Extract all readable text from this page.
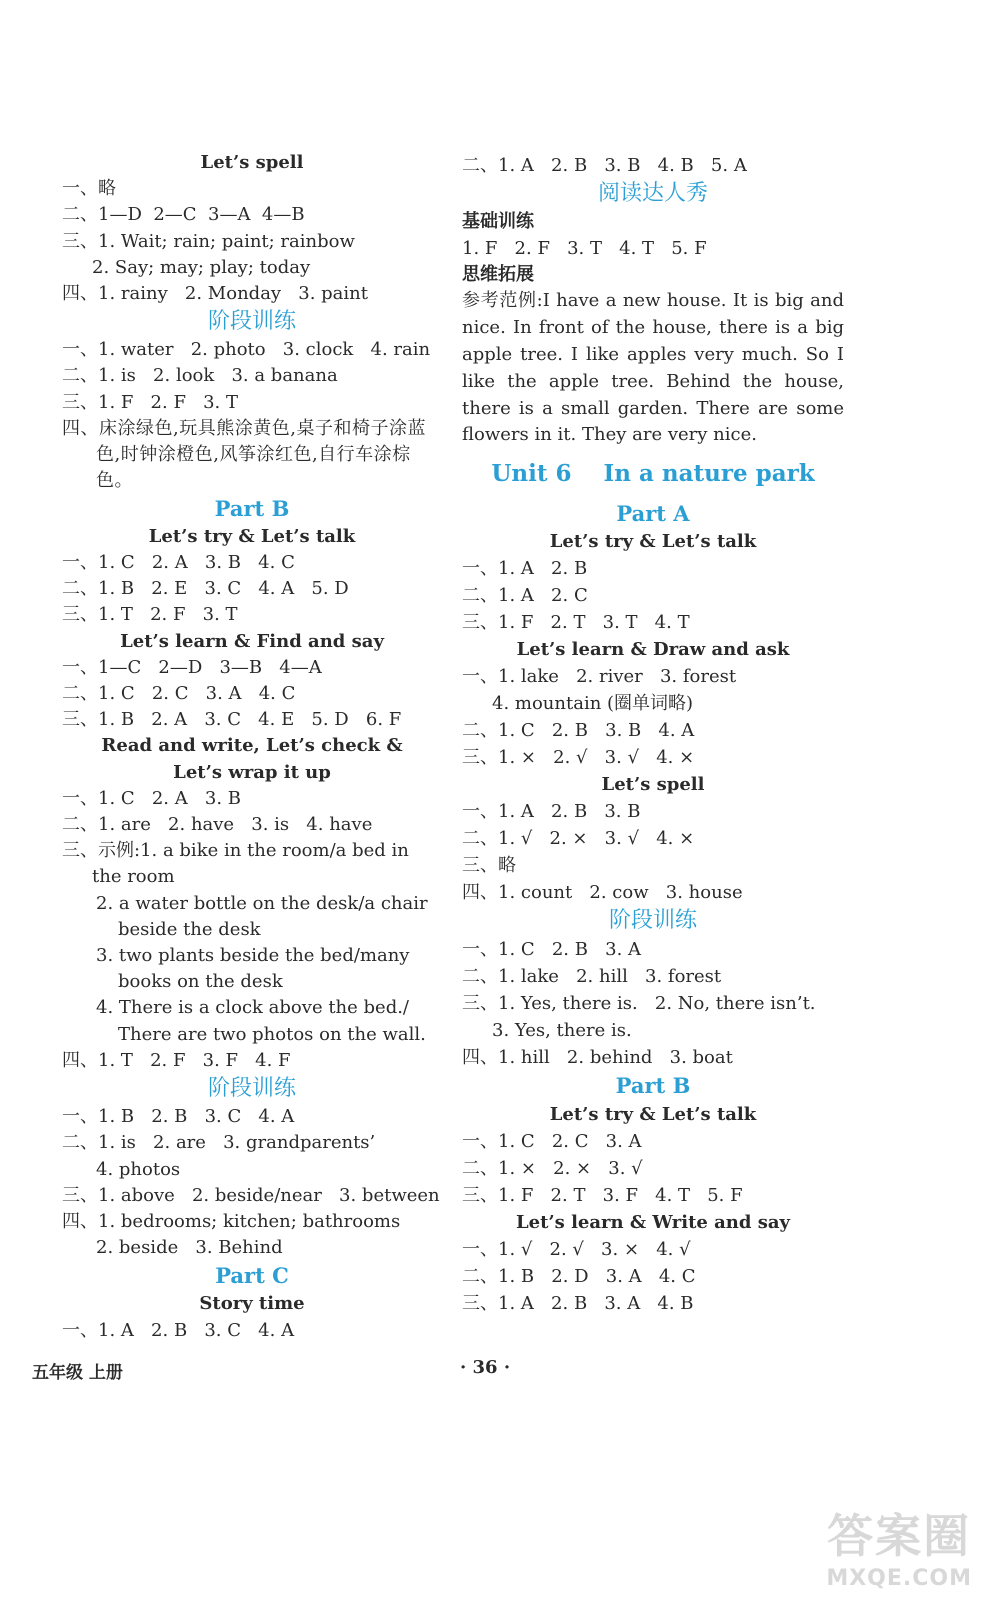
Let’s spell
一、略
二、1—D  2—C  3—A  4—B
三、1. Wait; rain; paint; rainbow
2. Say; may; play; today
四、1. rainy   2. Monday   3. paint
阶段训练
一、1. water   2. photo   3. clock   4. rain
二、1. is   2. look   3. a banana
三、1. F   2. F   3. T
四、床涂绿色,玩具熊涂黄色,桌子和椅子涂蓝色,时钟涂橙色,风筝涂红色,自行车涂棕色。
Part B
Let’s try & Let’s talk
一、1. C   2. A   3. B   4. C
二、1. B   2. E   3. C   4. A   5. D
三、1. T   2. F   3. T
Let’s learn & Find and say
一、1—C   2—D   3—B   4—A
二、1. C   2. C   3. A   4. C
三、1. B   2. A   3. C   4. E   5. D   6. F
Read and write, Let’s check &
Let’s wrap it up
一、1. C   2. A   3. B
二、1. are   2. have   3. is   4. have
三、示例:1. a bike in the room/a bed in
the room
2. a water bottle on the desk/a chair
beside the desk
3. two plants beside the bed/many
books on the desk
4. There is a clock above the bed./
There are two photos on the wall.
四、1. T   2. F   3. F   4. F
阶段训练
一、1. B   2. B   3. C   4. A
二、1. is   2. are   3. grandparents’
4. photos
三、1. above   2. beside/near   3. between
四、1. bedrooms; kitchen; bathrooms
2. beside   3. Behind
Part C
Story time
一、1. A   2. B   3. C   4. A
二、1. A   2. B   3. B   4. B   5. A
阅读达人秀
基础训练
1. F   2. F   3. T   4. T   5. F
思维拓展
参考范例:I have a new house. It is big and nice. In front of the house, there is a big apple tree. I like apples very much. So I like the apple tree. Behind the house, there is a small garden. There are some flowers in it. They are very nice.
Unit 6    In a nature park
Part A
Let’s try & Let’s talk
一、1. A   2. B
二、1. A   2. C
三、1. F   2. T   3. T   4. T
Let’s learn & Draw and ask
一、1. lake   2. river   3. forest
4. mountain (圈单词略)
二、1. C   2. B   3. B   4. A
三、1. ×   2. √   3. √   4. ×
Let’s spell
一、1. A   2. B   3. B
二、1. √   2. ×   3. √   4. ×
三、略
四、1. count   2. cow   3. house
阶段训练
一、1. C   2. B   3. A
二、1. lake   2. hill   3. forest
三、1. Yes, there is.   2. No, there isn’t.
3. Yes, there is.
四、1. hill   2. behind   3. boat
Part B
Let’s try & Let’s talk
一、1. C   2. C   3. A
二、1. ×   2. ×   3. √
三、1. F   2. T   3. F   4. T   5. F
Let’s learn & Write and say
一、1. √   2. √   3. ×   4. √
二、1. B   2. D   3. A   4. C
三、1. A   2. B   3. A   4. B
五年级 上册	· 36 ·
答案圈
MXQE.COM
